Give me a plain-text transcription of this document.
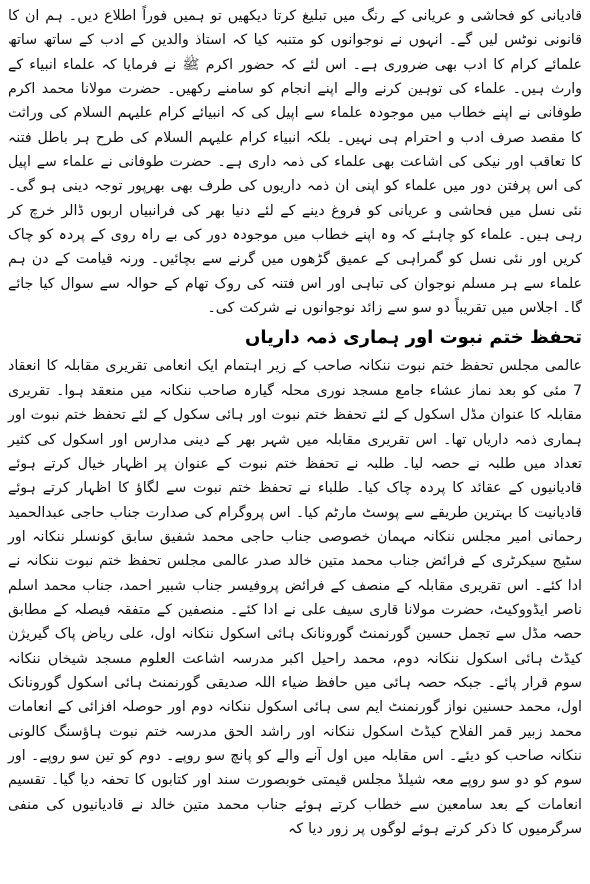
قادیانی کو فحاشی و عریانی کے رنگ میں تبلیغ کرتا دیکھیں تو ہمیں فوراً اطلاع دیں۔ ہم ان کا قانونی نوٹس لیں گے۔ انہوں نے نوجوانوں کو متنبہ کیا کہ استاذ والدین کے ادب کے ساتھ ساتھ علمائے کرام کا ادب بھی ضروری ہے۔ اس لئے کہ حضور اکرم ﷺ نے فرمایا کہ علماء انبیاء کے وارث ہیں۔ علماء کی توہین کرنے والے اپنے انجام کو سامنے رکھیں۔ حضرت مولانا محمد اکرم طوفانی نے اپنے خطاب میں موجودہ علماء سے اپیل کی کہ انبیائے کرام علیہم السلام کی وراثت کا مقصد صرف ادب و احترام ہی نہیں۔ بلکہ انبیاء کرام علیہم السلام کی طرح ہر باطل فتنہ کا تعاقب اور نیکی کی اشاعت بھی علماء کی ذمہ داری ہے۔ حضرت طوفانی نے علماء سے اپیل کی اس پرفتن دور میں علماء کو اپنی ان ذمہ داریوں کی طرف بھی بھرپور توجہ دینی ہو گی۔ نئی نسل میں فحاشی و عریانی کو فروغ دینے کے لئے دنیا بھر کی فرانبیاں اربوں ڈالر خرچ کر رہی ہیں۔ علماء کو چاہئے کہ وہ اپنے خطاب میں موجودہ دور کی بے راہ روی کے پردہ کو چاک کریں اور نئی نسل کو گمراہی کے عمیق گڑھوں میں گرنے سے بچائیں۔ ورنہ قیامت کے دن ہم علماء سے ہر مسلم نوجوان کی تباہی اور اس فتنہ کی روک تھام کے حوالہ سے سوال کیا جائے گا۔ اجلاس میں تقریباً دو سو سے زائد نوجوانوں نے شرکت کی۔

تحفظ ختم نبوت اور ہماری ذمہ داریاں

عالمی مجلس تحفظ ختم نبوت ننکانہ صاحب کے زیر اہتمام ایک انعامی تقریری مقابلہ کا انعقاد 7 مئی کو بعد نماز عشاء جامع مسجد نوری محلہ گیارہ صاحب ننکانہ میں منعقد ہوا۔ تقریری مقابلہ کا عنوان مڈل اسکول کے لئے تحفظ ختم نبوت اور ہائی سکول کے لئے تحفظ ختم نبوت اور ہماری ذمہ داریاں تھا۔ اس تقریری مقابلہ میں شہر بھر کے دینی مدارس اور اسکول کی کثیر تعداد میں طلبہ نے حصہ لیا۔ طلبہ نے تحفظ ختم نبوت کے عنوان پر اظہار خیال کرتے ہوئے قادیانیوں کے عقائد کا پردہ چاک کیا۔ طلباء نے تحفظ ختم نبوت سے لگاؤ کا اظہار کرتے ہوئے قادیانیت کا بہترین طریقے سے پوسٹ مارٹم کیا۔ اس پروگرام کی صدارت جناب حاجی عبدالحمید رحمانی امیر مجلس ننکانہ مہمان خصوصی جناب حاجی محمد شفیق سابق کونسلر ننکانہ اور سٹیج سیکرٹری کے فرائض جناب محمد متین خالد صدر عالمی مجلس تحفظ ختم نبوت ننکانہ نے ادا کئے۔ اس تقریری مقابلہ کے منصف کے فرائض پروفیسر جناب شبیر احمد، جناب محمد اسلم ناصر ایڈووکیٹ، حضرت مولانا قاری سیف علی نے ادا کئے۔ منصفین کے متفقہ فیصلہ کے مطابق حصہ مڈل سے تجمل حسین گورنمنٹ گورونانک ہائی اسکول ننکانہ اول، علی ریاض پاک گیریژن کیڈٹ ہائی اسکول ننکانہ دوم، محمد راحیل اکبر مدرسہ اشاعت العلوم مسجد شیخاں ننکانہ سوم قرار پائے۔ جبکہ حصہ ہائی میں حافظ ضیاء اللہ صدیقی گورنمنٹ ہائی اسکول گورونانک اول، محمد حسنین نواز گورنمنٹ ایم سی ہائی اسکول ننکانہ دوم اور حوصلہ افزائی کے انعامات محمد زبیر قمر الفلاح کیڈٹ اسکول ننکانہ اور راشد الحق مدرسہ ختم نبوت ہاؤسنگ کالونی ننکانہ صاحب کو دیئے۔ اس مقابلہ میں اول آنے والے کو پانچ سو روپے۔ دوم کو تین سو روپے۔ اور سوم کو دو سو روپے معہ شیلڈ مجلس قیمتی خوبصورت سند اور کتابوں کا تحفہ دیا گیا۔ تقسیم انعامات کے بعد سامعین سے خطاب کرتے ہوئے جناب محمد متین خالد نے قادیانیوں کی منفی سرگرمیوں کا ذکر کرتے ہوئے لوگوں پر زور دیا کہ
